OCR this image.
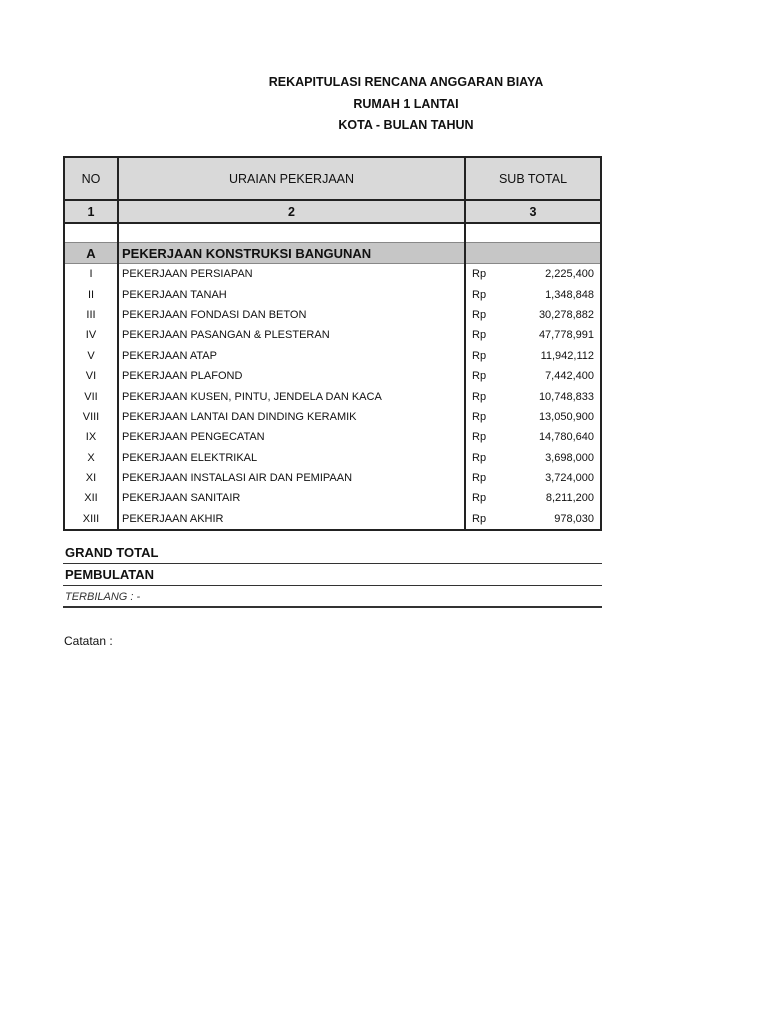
REKAPITULASI RENCANA ANGGARAN BIAYA
RUMAH 1 LANTAI
KOTA - BULAN TAHUN
NO	URAIAN PEKERJAAN	SUB TOTAL
1	2	3

A	PEKERJAAN KONSTRUKSI BANGUNAN	
I	PEKERJAAN PERSIAPAN	Rp 2,225,400

II	PEKERJAAN TANAH	Rp 1,348,848

III	PEKERJAAN FONDASI DAN BETON	Rp 30,278,882

IV	PEKERJAAN PASANGAN & PLESTERAN	Rp 47,778,991

V	PEKERJAAN ATAP	Rp 11,942,112

VI	PEKERJAAN PLAFOND	Rp 7,442,400

VII	PEKERJAAN KUSEN, PINTU, JENDELA DAN KACA	Rp 10,748,833

VIII	PEKERJAAN LANTAI DAN DINDING KERAMIK	Rp 13,050,900

IX	PEKERJAAN PENGECATAN	Rp 14,780,640

X	PEKERJAAN ELEKTRIKAL	Rp 3,698,000

XI	PEKERJAAN INSTALASI AIR DAN PEMIPAAN	Rp 3,724,000

XII	PEKERJAAN SANITAIR	Rp 8,211,200

XIII	PEKERJAAN AKHIR	Rp 978,030
GRAND TOTAL
PEMBULATAN
TERBILANG : -
Catatan :
